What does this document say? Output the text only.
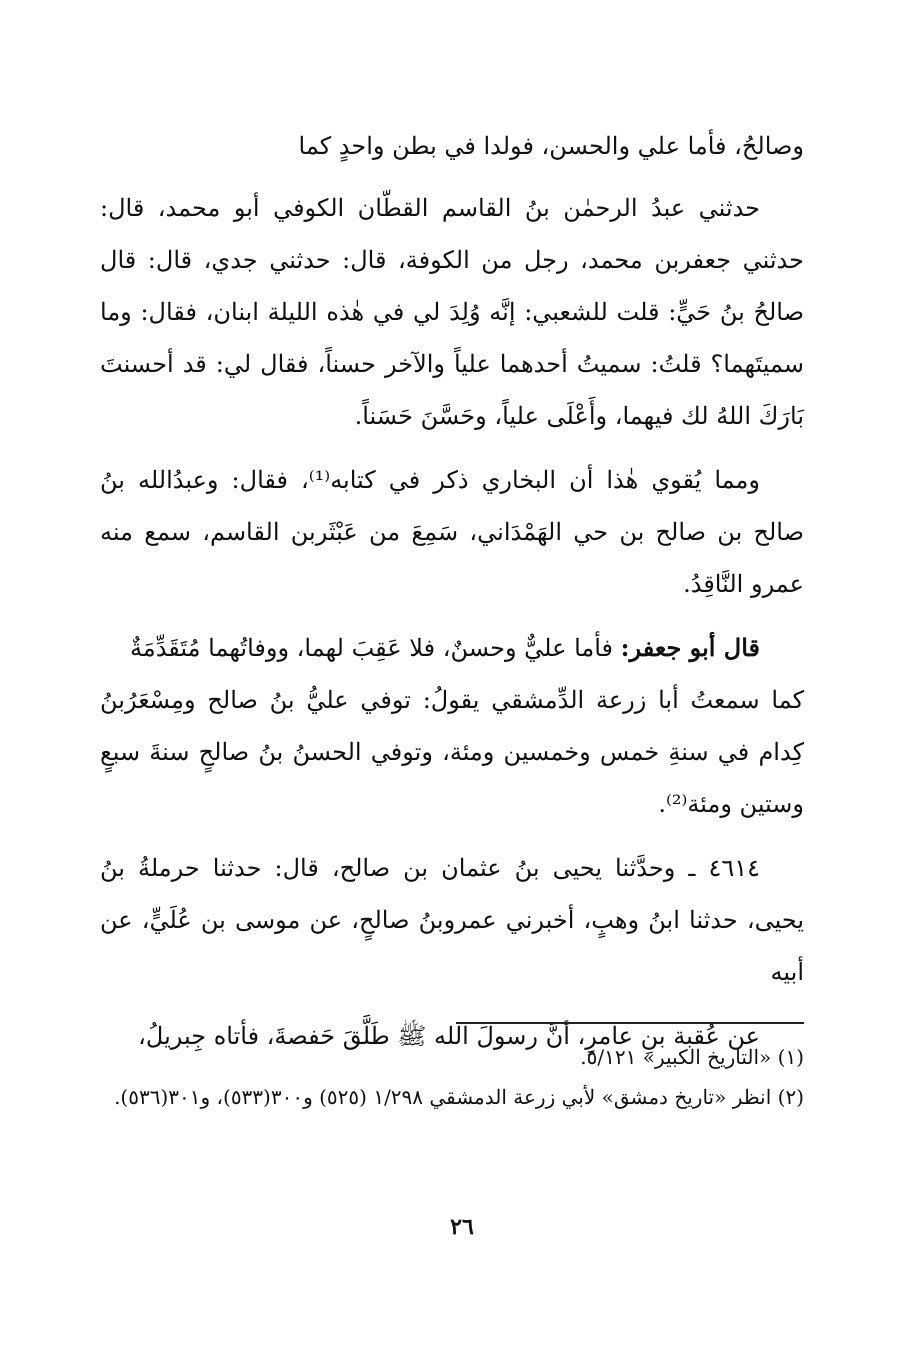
وصالحُ، فأما علي والحسن، فولدا في بطن واحدٍ كما

حدثني عبدُ الرحمٰن بنُ القاسم القطّان الكوفي أبو محمد، قال: حدثني جعفربن محمد، رجل من الكوفة، قال: حدثني جدي، قال: قال صالحُ بنُ حَيٍّ: قلت للشعبي: إنَّه وُلِدَ لي في هٰذه الليلة ابنان، فقال: وما سميتَهما؟ قلتُ: سميتُ أحدهما علياً والآخر حسناً، فقال لي: قد أحسنتَ بَارَكَ اللهُ لك فيهما، وأَعْلَى علياً، وحَسَّنَ حَسَناً.

ومما يُقوي هٰذا أن البخاري ذكر في كتابه⁽¹⁾، فقال: وعبدُالله بنُ صالح بن صالح بن حي الهَمْدَاني، سَمِعَ من عَبْثَربن القاسم، سمع منه عمرو النَّاقِدُ.

قال أبو جعفر: فأما عليٌّ وحسنٌ، فلا عَقِبَ لهما، ووفاتُهما مُتَقَدِّمَةٌ
كما سمعتُ أبا زرعة الدِّمشقي يقولُ: توفي عليُّ بنُ صالح ومِسْعَرُبنُ كِدام في سنةِ خمس وخمسين ومئة، وتوفي الحسنُ بنُ صالحٍ سنةَ سبعٍ وستين ومئة⁽²⁾.

٤٦١٤ ـ وحدَّثنا يحيى بنُ عثمان بن صالح، قال: حدثنا حرملةُ بنُ يحيى، حدثنا ابنُ وهبٍ، أخبرني عمروبنُ صالحٍ، عن موسى بن عُلَيٍّ، عن أبيه

عن عُقبة بنِ عامرٍ، أنَّ رسولَ الله ﷺ طَلَّقَ حَفصةَ، فأتاه جِبريلُ،

(١) «التاريخ الكبير» ٥/١٢١.

(٢) انظر «تاريخ دمشق» لأبي زرعة الدمشقي ١/٢٩٨ (٥٢٥) و٣٠٠(٥٣٣)، و٣٠١(٥٣٦).

٢٦
